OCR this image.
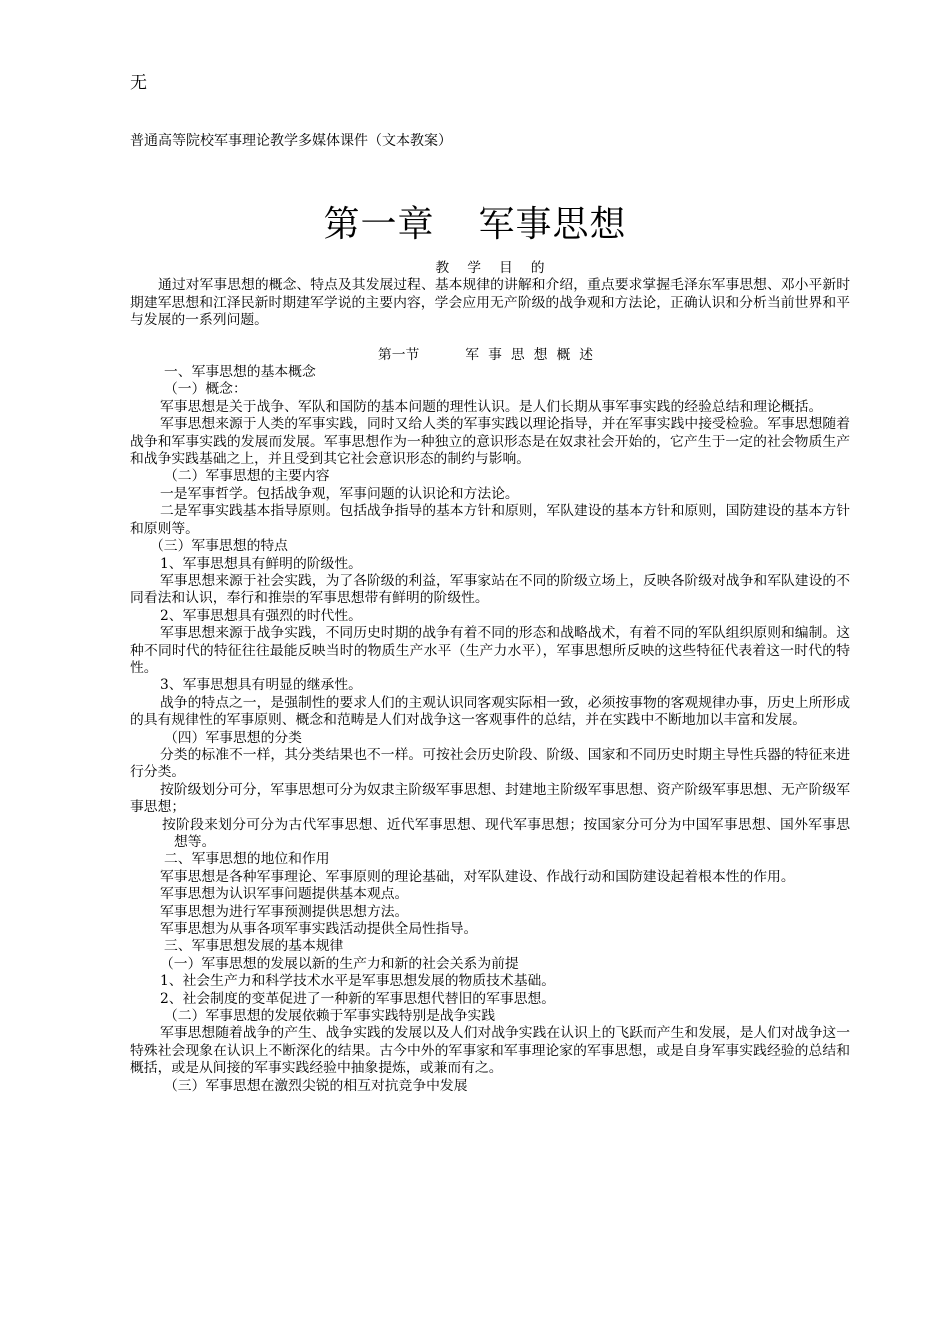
无
普通高等院校军事理论教学多媒体课件（文本教案）
第一章 军事思想

教学目的

通过对军事思想的概念、特点及其发展过程、基本规律的讲解和介绍，重点要求掌握毛泽东军事思想、邓小平新时期建军思想和江泽民新时期建军学说的主要内容，学会应用无产阶级的战争观和方法论，正确认识和分析当前世界和平与发展的一系列问题。

第一节	军事思想概述

一、军事思想的基本概念

（一）概念：

军事思想是关于战争、军队和国防的基本问题的理性认识。是人们长期从事军事实践的经验总结和理论概括。

军事思想来源于人类的军事实践，同时又给人类的军事实践以理论指导，并在军事实践中接受检验。军事思想随着战争和军事实践的发展而发展。军事思想作为一种独立的意识形态是在奴隶社会开始的，它产生于一定的社会物质生产和战争实践基础之上，并且受到其它社会意识形态的制约与影响。

（二）军事思想的主要内容

一是军事哲学。包括战争观，军事问题的认识论和方法论。

二是军事实践基本指导原则。包括战争指导的基本方针和原则，军队建设的基本方针和原则，国防建设的基本方针和原则等。

（三）军事思想的特点

1、军事思想具有鲜明的阶级性。

军事思想来源于社会实践，为了各阶级的利益，军事家站在不同的阶级立场上，反映各阶级对战争和军队建设的不同看法和认识，奉行和推崇的军事思想带有鲜明的阶级性。

2、军事思想具有强烈的时代性。

军事思想来源于战争实践，不同历史时期的战争有着不同的形态和战略战术，有着不同的军队组织原则和编制。这种不同时代的特征往往最能反映当时的物质生产水平（生产力水平），军事思想所反映的这些特征代表着这一时代的特性。

3、军事思想具有明显的继承性。

战争的特点之一，是强制性的要求人们的主观认识同客观实际相一致，必须按事物的客观规律办事，历史上所形成的具有规律性的军事原则、概念和范畴是人们对战争这一客观事件的总结，并在实践中不断地加以丰富和发展。

（四）军事思想的分类

分类的标准不一样，其分类结果也不一样。可按社会历史阶段、阶级、国家和不同历史时期主导性兵器的特征来进行分类。

按阶级划分可分，军事思想可分为奴隶主阶级军事思想、封建地主阶级军事思想、资产阶级军事思想、无产阶级军事思想；

按阶段来划分可分为古代军事思想、近代军事思想、现代军事思想；按国家分可分为中国军事思想、国外军事思想等。

二、军事思想的地位和作用

军事思想是各种军事理论、军事原则的理论基础，对军队建设、作战行动和国防建设起着根本性的作用。

军事思想为认识军事问题提供基本观点。

军事思想为进行军事预测提供思想方法。

军事思想为从事各项军事实践活动提供全局性指导。

三、军事思想发展的基本规律

（一）军事思想的发展以新的生产力和新的社会关系为前提

1、社会生产力和科学技术水平是军事思想发展的物质技术基础。

2、社会制度的变革促进了一种新的军事思想代替旧的军事思想。

（二）军事思想的发展依赖于军事实践特别是战争实践

军事思想随着战争的产生、战争实践的发展以及人们对战争实践在认识上的飞跃而产生和发展，是人们对战争这一特殊社会现象在认识上不断深化的结果。古今中外的军事家和军事理论家的军事思想，或是自身军事实践经验的总结和概括，或是从间接的军事实践经验中抽象提炼，或兼而有之。

（三）军事思想在激烈尖锐的相互对抗竞争中发展
